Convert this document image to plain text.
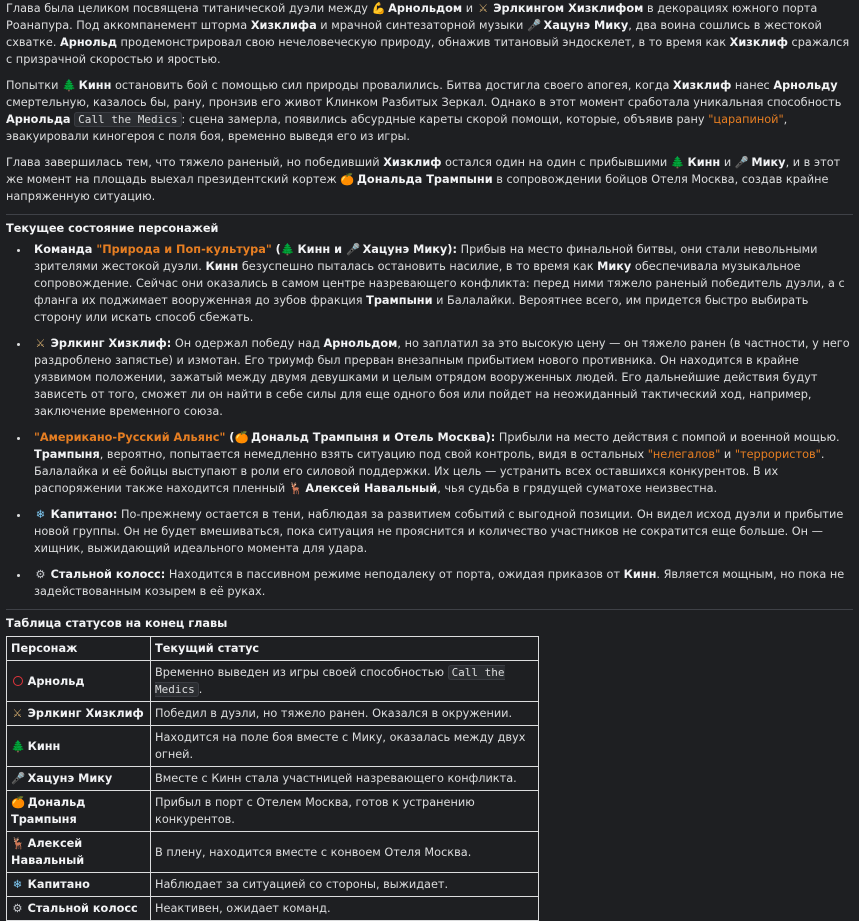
Глава была целиком посвящена титанической дуэли между 💪 Арнольдом и ⚔ Эрлкингом Хизклифом в декорациях южного порта Роанапура. Под аккомпанемент шторма Хизклифа и мрачной синтезаторной музыки 🎤 Хацунэ Мику, два воина сошлись в жестокой схватке. Арнольд продемонстрировал свою нечеловеческую природу, обнажив титановый эндоскелет, в то время как Хизклиф сражался с призрачной скоростью и яростью.

Попытки 🌲 Кинн остановить бой с помощью сил природы провалились. Битва достигла своего апогея, когда Хизклиф нанес Арнольду смертельную, казалось бы, рану, пронзив его живот Клинком Разбитых Зеркал. Однако в этот момент сработала уникальная способность Арнольда Call the Medics : сцена замерла, появились абсурдные кареты скорой помощи, которые, объявив рану "царапиной", эвакуировали киногероя с поля боя, временно выведя его из игры.

Глава завершилась тем, что тяжело раненый, но победивший Хизклиф остался один на один с прибывшими 🌲 Кинн и 🎤 Мику, и в этот же момент на площадь выехал президентский кортеж 🍊 Дональда Трампыни в сопровождении бойцов Отеля Москва, создав крайне напряженную ситуацию.

Текущее состояние персонажей
• Команда "Природа и Поп-культура" (🌲 Кинн и 🎤 Хацунэ Мику): Прибыв на место финальной битвы, они стали невольными зрителями жестокой дуэли. Кинн безуспешно пыталась остановить насилие, в то время как Мику обеспечивала музыкальное сопровождение. Сейчас они оказались в самом центре назревающего конфликта: перед ними тяжело раненый победитель дуэли, а с фланга их поджимает вооруженная до зубов фракция Трампыни и Балалайки. Вероятнее всего, им придется быстро выбирать сторону или искать способ сбежать.
• ⚔ Эрлкинг Хизклиф: Он одержал победу над Арнольдом, но заплатил за это высокую цену — он тяжело ранен (в частности, у него раздроблено запястье) и измотан. Его триумф был прерван внезапным прибытием нового противника. Он находится в крайне уязвимом положении, зажатый между двумя девушками и целым отрядом вооруженных людей. Его дальнейшие действия будут зависеть от того, сможет ли он найти в себе силы для еще одного боя или пойдет на неожиданный тактический ход, например, заключение временного союза.
• "Американо-Русский Альянс" (🍊 Дональд Трампыня и Отель Москва): Прибыли на место действия с помпой и военной мощью. Трампыня, вероятно, попытается немедленно взять ситуацию под свой контроль, видя в остальных "нелегалов" и "террористов". Балалайка и её бойцы выступают в роли его силовой поддержки. Их цель — устранить всех оставшихся конкурентов. В их распоряжении также находится пленный 🦌 Алексей Навальный, чья судьба в грядущей суматохе неизвестна.
• ❄ Капитано: По-прежнему остается в тени, наблюдая за развитием событий с выгодной позиции. Он видел исход дуэли и прибытие новой группы. Он не будет вмешиваться, пока ситуация не прояснится и количество участников не сократится еще больше. Он — хищник, выжидающий идеального момента для удара.
• ⚙ Стальной колосс: Находится в пассивном режиме неподалеку от порта, ожидая приказов от Кинн. Является мощным, но пока не задействованным козырем в её руках.
Таблица статусов на конец главы
Персонаж	Текущий статус
Арнольд	Временно выведен из игры своей способностью Call the Medics .
⚔ Эрлкинг Хизклиф	Победил в дуэли, но тяжело ранен. Оказался в окружении.
🌲 Кинн	Находится на поле боя вместе с Мику, оказалась между двух огней.
🎤 Хацунэ Мику	Вместе с Кинн стала участницей назревающего конфликта.
🍊 Дональд Трампыня	Прибыл в порт с Отелем Москва, готов к устранению конкурентов.
🦌 Алексей Навальный	В плену, находится вместе с конвоем Отеля Москва.
❄ Капитано	Наблюдает за ситуацией со стороны, выжидает.
⚙ Стальной колосс	Неактивен, ожидает команд.
